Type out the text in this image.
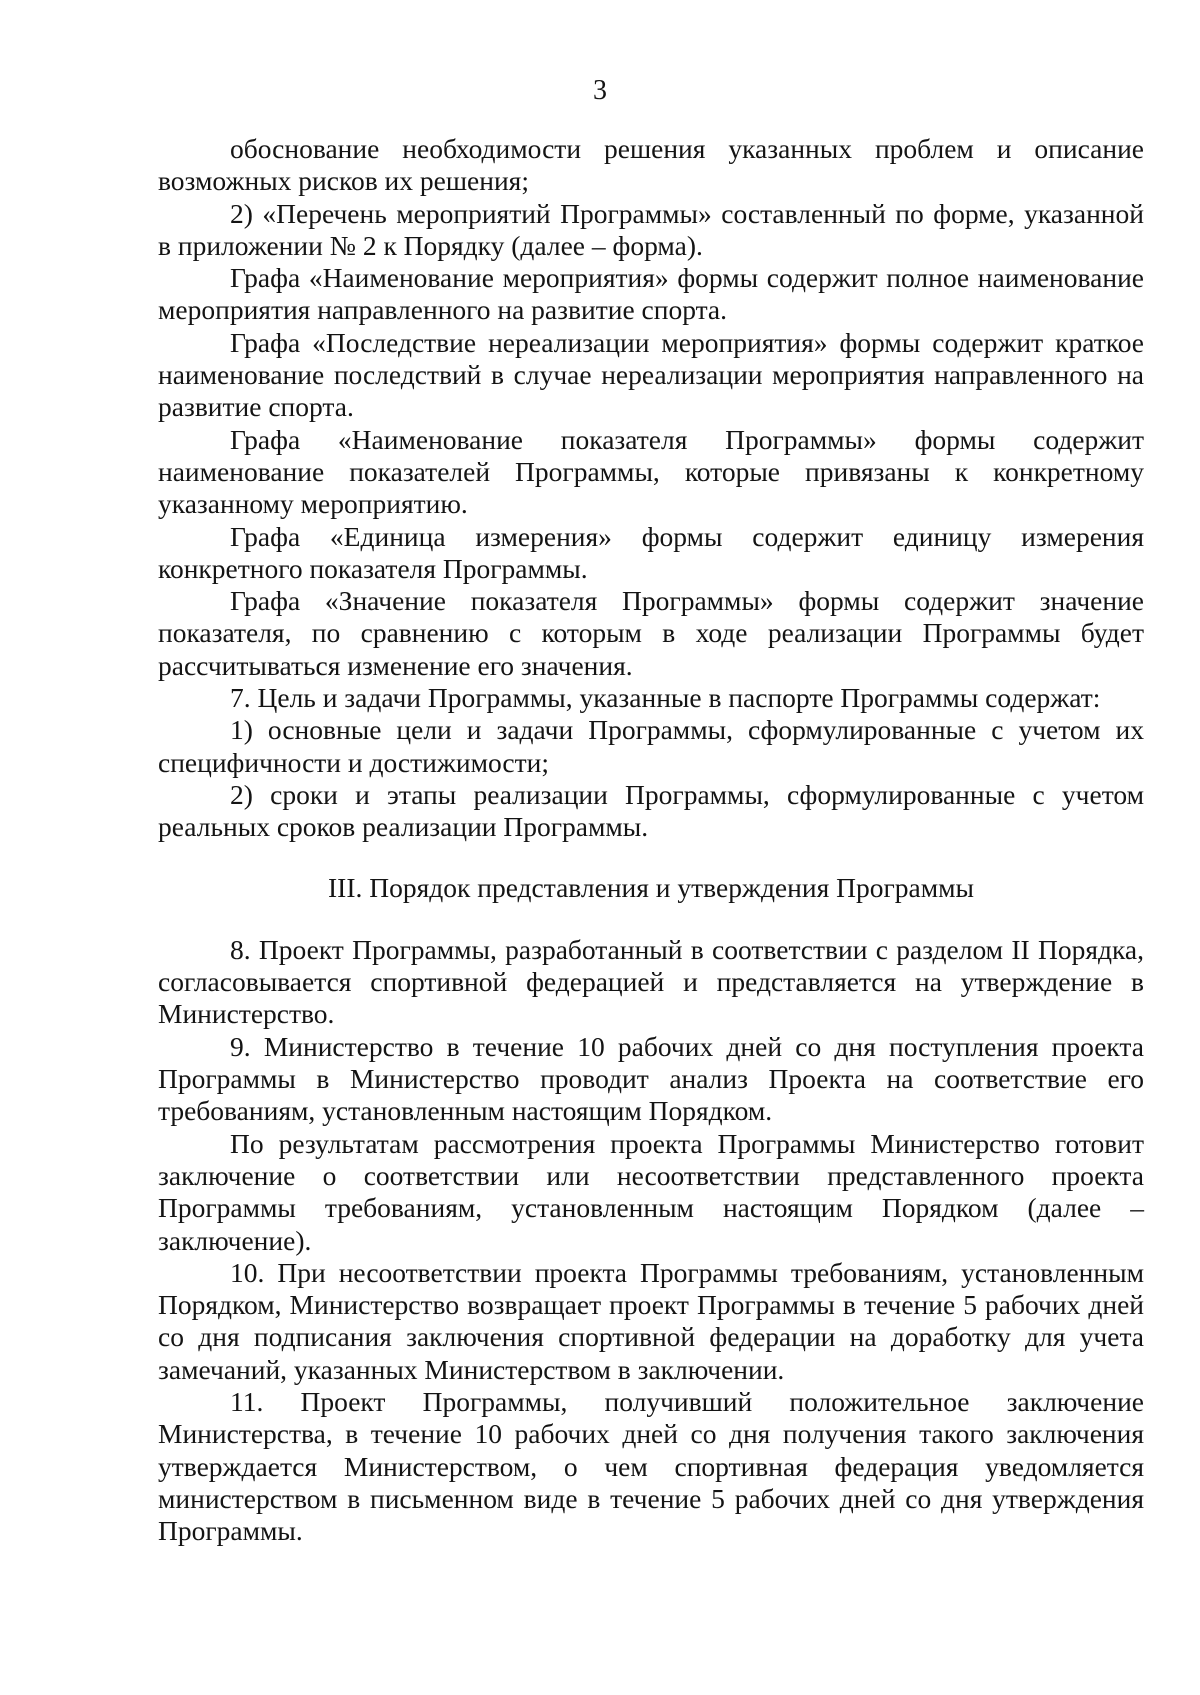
3

обоснование необходимости решения указанных проблем и описание возможных рисков их решения;

2) «Перечень мероприятий Программы» составленный по форме, указанной в приложении № 2 к Порядку (далее – форма).

Графа «Наименование мероприятия» формы содержит полное наименование мероприятия направленного на развитие спорта.

Графа «Последствие нереализации мероприятия» формы содержит краткое наименование последствий в случае нереализации мероприятия направленного на развитие спорта.

Графа «Наименование показателя Программы» формы содержит наименование показателей Программы, которые привязаны к конкретному указанному мероприятию.

Графа «Единица измерения» формы содержит единицу измерения конкретного показателя Программы.

Графа «Значение показателя Программы» формы содержит значение показателя, по сравнению с которым в ходе реализации Программы будет рассчитываться изменение его значения.

7. Цель и задачи Программы, указанные в паспорте Программы содержат:

1) основные цели и задачи Программы, сформулированные с учетом их специфичности и достижимости;

2) сроки и этапы реализации Программы, сформулированные с учетом реальных сроков реализации Программы.

III. Порядок представления и утверждения Программы

8. Проект Программы, разработанный в соответствии с разделом II Порядка, согласовывается спортивной федерацией и представляется на утверждение в Министерство.

9. Министерство в течение 10 рабочих дней со дня поступления проекта Программы в Министерство проводит анализ Проекта на соответствие его требованиям, установленным настоящим Порядком.

По результатам рассмотрения проекта Программы Министерство готовит заключение о соответствии или несоответствии представленного проекта Программы требованиям, установленным настоящим Порядком (далее – заключение).

10. При несоответствии проекта Программы требованиям, установленным Порядком, Министерство возвращает проект Программы в течение 5 рабочих дней со дня подписания заключения спортивной федерации на доработку для учета замечаний, указанных Министерством в заключении.

11. Проект Программы, получивший положительное заключение Министерства, в течение 10 рабочих дней со дня получения такого заключения утверждается Министерством, о чем спортивная федерация уведомляется министерством в письменном виде в течение 5 рабочих дней со дня утверждения Программы.
